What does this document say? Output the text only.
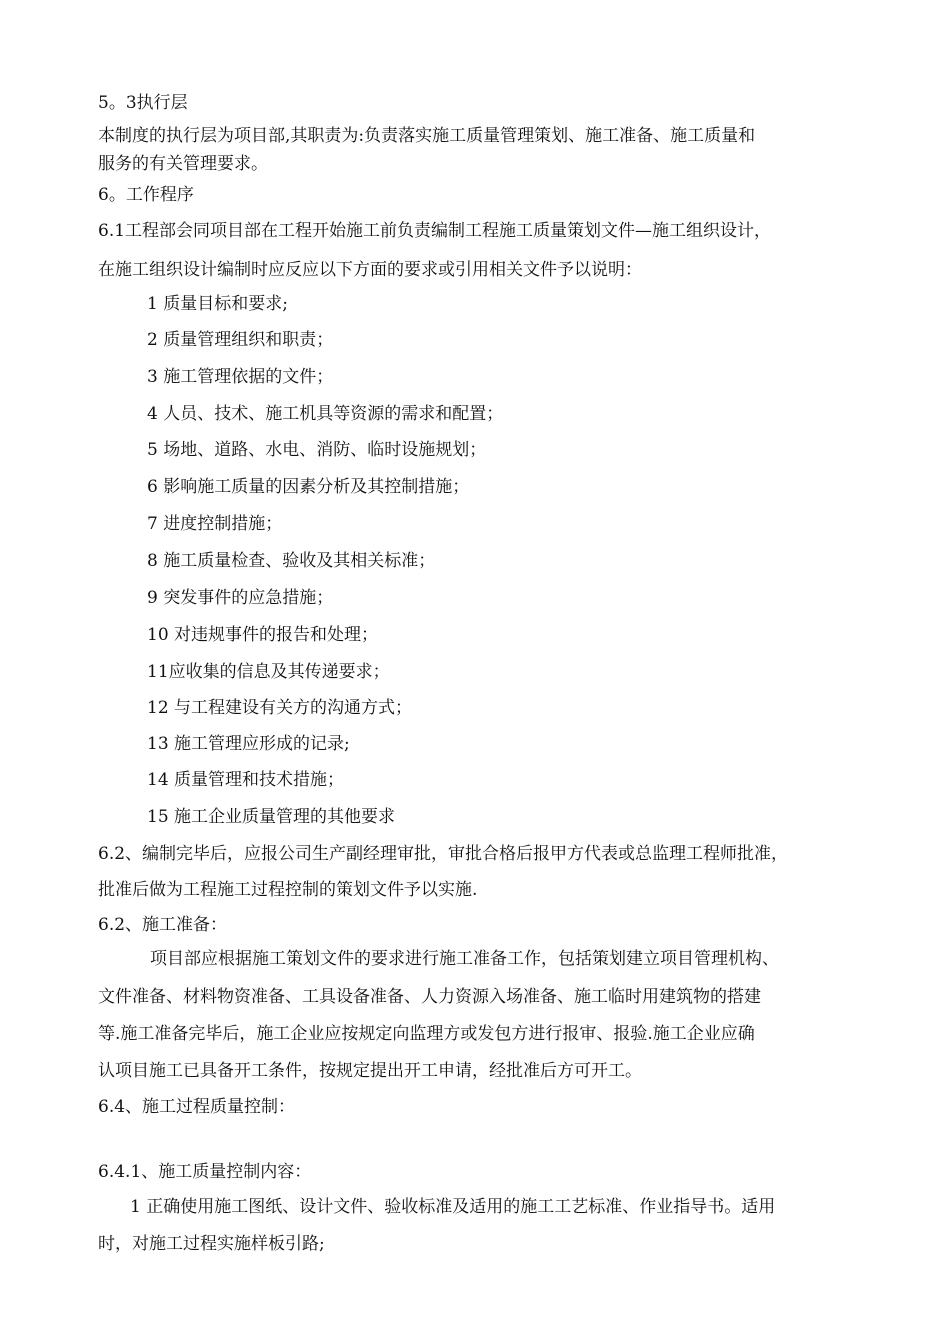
5。3执行层
本制度的执行层为项目部,其职责为:负责落实施工质量管理策划、施工准备、施工质量和
服务的有关管理要求。
6。工作程序
6.1工程部会同项目部在工程开始施工前负责编制工程施工质量策划文件—施工组织设计，
在施工组织设计编制时应反应以下方面的要求或引用相关文件予以说明：
1 质量目标和要求;
2 质量管理组织和职责；
3 施工管理依据的文件；
4 人员、技术、施工机具等资源的需求和配置；
5 场地、道路、水电、消防、临时设施规划；
6 影响施工质量的因素分析及其控制措施；
7 进度控制措施；
8 施工质量检查、验收及其相关标准；
9 突发事件的应急措施；
10 对违规事件的报告和处理；
11应收集的信息及其传递要求；
12 与工程建设有关方的沟通方式；
13 施工管理应形成的记录;
14 质量管理和技术措施；
15 施工企业质量管理的其他要求
6.2、编制完毕后，应报公司生产副经理审批，审批合格后报甲方代表或总监理工程师批准，
批准后做为工程施工过程控制的策划文件予以实施.
6.2、施工准备：
项目部应根据施工策划文件的要求进行施工准备工作，包括策划建立项目管理机构、
文件准备、材料物资准备、工具设备准备、人力资源入场准备、施工临时用建筑物的搭建
等.施工准备完毕后，施工企业应按规定向监理方或发包方进行报审、报验.施工企业应确
认项目施工已具备开工条件，按规定提出开工申请，经批准后方可开工。
6.4、施工过程质量控制：
6.4.1、施工质量控制内容：
1 正确使用施工图纸、设计文件、验收标准及适用的施工工艺标准、作业指导书。适用
时，对施工过程实施样板引路;
